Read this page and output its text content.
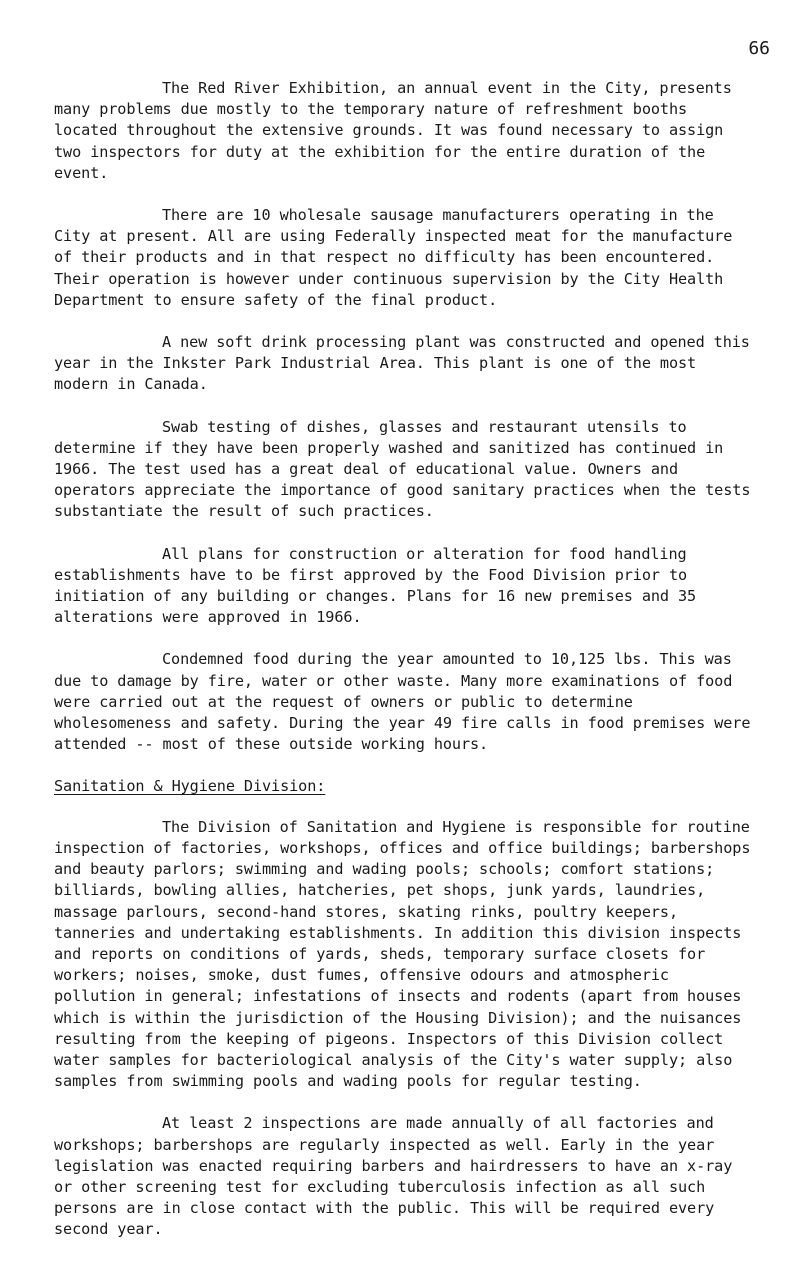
66

The Red River Exhibition, an annual event in the City, presents many problems due mostly to the temporary nature of refreshment booths located throughout the extensive grounds. It was found necessary to assign two inspectors for duty at the exhibition for the entire duration of the event.

There are 10 wholesale sausage manufacturers operating in the City at present. All are using Federally inspected meat for the manufacture of their products and in that respect no difficulty has been encountered. Their operation is however under continuous supervision by the City Health Department to ensure safety of the final product.

A new soft drink processing plant was constructed and opened this year in the Inkster Park Industrial Area. This plant is one of the most modern in Canada.

Swab testing of dishes, glasses and restaurant utensils to determine if they have been properly washed and sanitized has continued in 1966. The test used has a great deal of educational value. Owners and operators appreciate the importance of good sanitary practices when the tests substantiate the result of such practices.

All plans for construction or alteration for food handling establishments have to be first approved by the Food Division prior to initiation of any building or changes. Plans for 16 new premises and 35 alterations were approved in 1966.

Condemned food during the year amounted to 10,125 lbs. This was due to damage by fire, water or other waste. Many more examinations of food were carried out at the request of owners or public to determine wholesomeness and safety. During the year 49 fire calls in food premises were attended -- most of these outside working hours.

Sanitation & Hygiene Division:

The Division of Sanitation and Hygiene is responsible for routine inspection of factories, workshops, offices and office buildings; barbershops and beauty parlors; swimming and wading pools; schools; comfort stations; billiards, bowling allies, hatcheries, pet shops, junk yards, laundries, massage parlours, second-hand stores, skating rinks, poultry keepers, tanneries and undertaking establishments. In addition this division inspects and reports on conditions of yards, sheds, temporary surface closets for workers; noises, smoke, dust fumes, offensive odours and atmospheric pollution in general; infestations of insects and rodents (apart from houses which is within the jurisdiction of the Housing Division); and the nuisances resulting from the keeping of pigeons. Inspectors of this Division collect water samples for bacteriological analysis of the City's water supply; also samples from swimming pools and wading pools for regular testing.

At least 2 inspections are made annually of all factories and workshops; barbershops are regularly inspected as well. Early in the year legislation was enacted requiring barbers and hairdressers to have an x-ray or other screening test for excluding tuberculosis infection as all such persons are in close contact with the public. This will be required every second year.
